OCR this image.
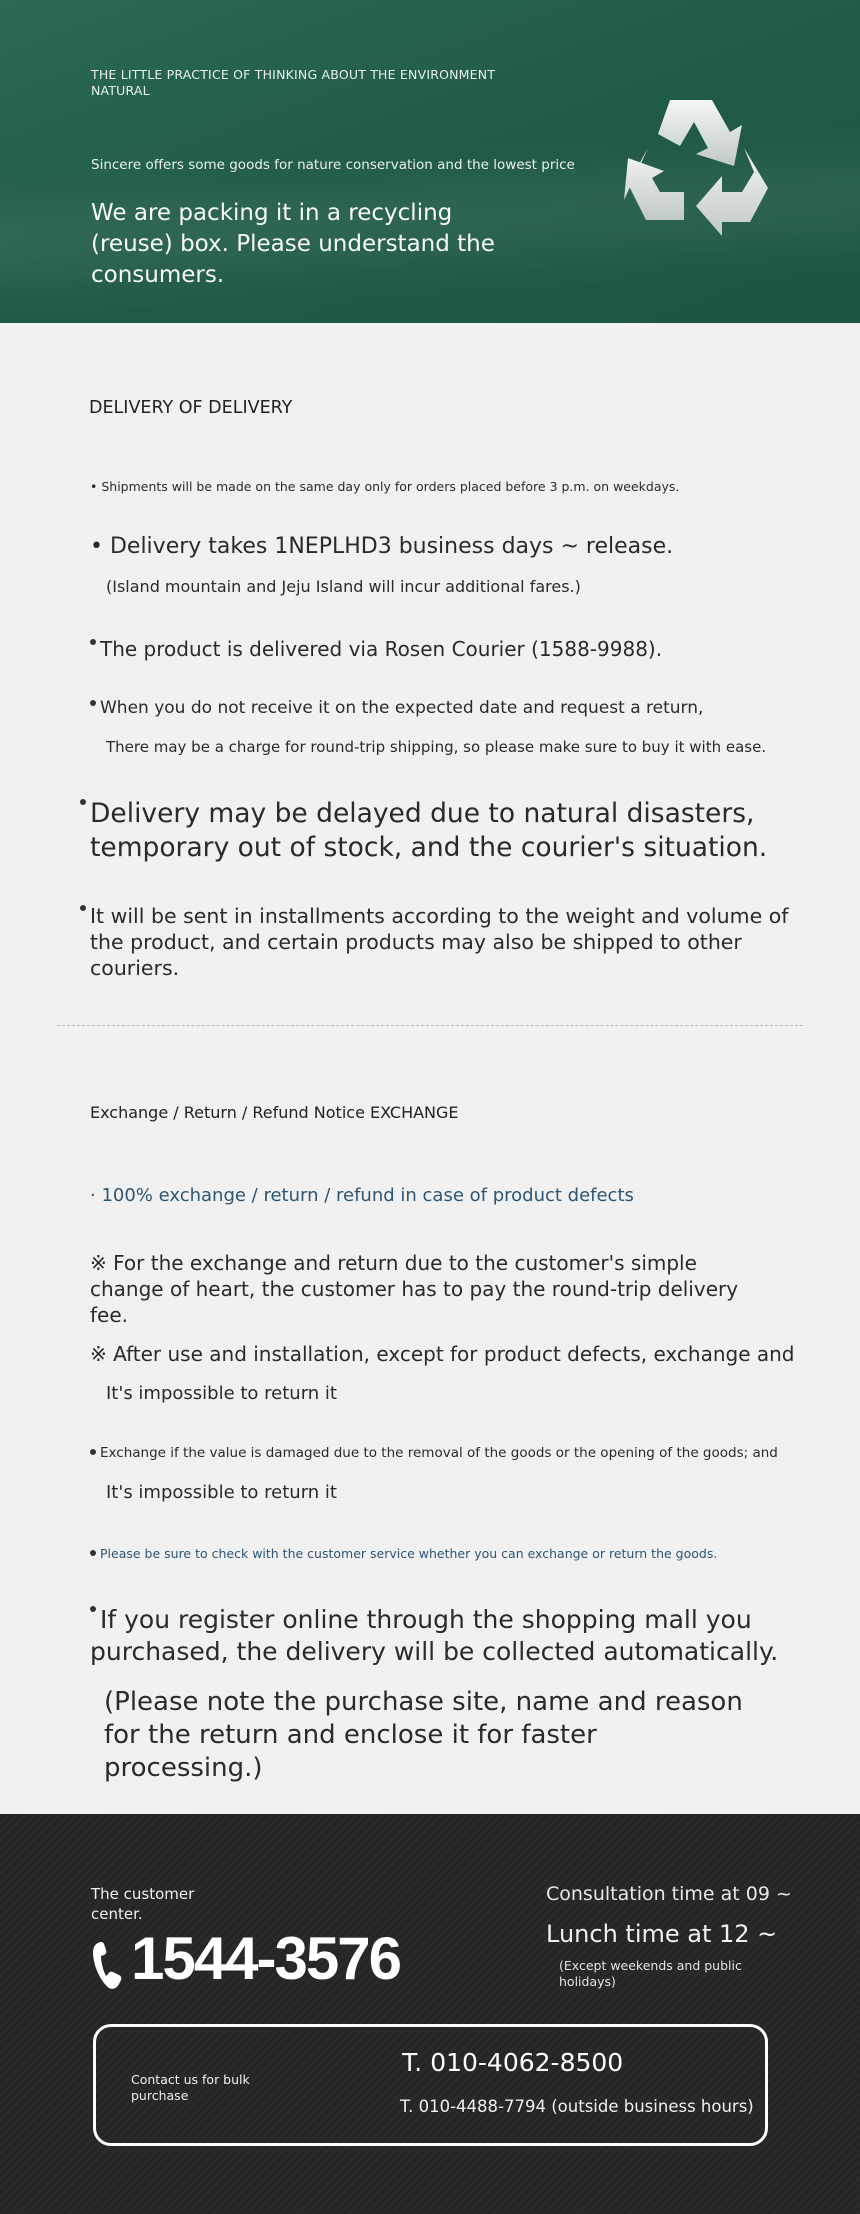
THE LITTLE PRACTICE OF THINKING ABOUT THE ENVIRONMENT NATURAL
Sincere offers some goods for nature conservation and the lowest price
We are packing it in a recycling (reuse) box. Please understand the consumers.
DELIVERY OF DELIVERY
• Shipments will be made on the same day only for orders placed before 3 p.m. on weekdays.
• Delivery takes 1NEPLHD3 business days ~ release.
(Island mountain and Jeju Island will incur additional fares.)
The product is delivered via Rosen Courier (1588-9988).
When you do not receive it on the expected date and request a return,
There may be a charge for round-trip shipping, so please make sure to buy it with ease.
Delivery may be delayed due to natural disasters, temporary out of stock, and the courier's situation.
It will be sent in installments according to the weight and volume of the product, and certain products may also be shipped to other couriers.
Exchange / Return / Refund Notice EXCHANGE
· 100% exchange / return / refund in case of product defects
※ For the exchange and return due to the customer's simple change of heart, the customer has to pay the round-trip delivery fee.
※ After use and installation, except for product defects, exchange and
It's impossible to return it
Exchange if the value is damaged due to the removal of the goods or the opening of the goods; and
It's impossible to return it
Please be sure to check with the customer service whether you can exchange or return the goods.
If you register online through the shopping mall you purchased, the delivery will be collected automatically.
(Please note the purchase site, name and reason for the return and enclose it for faster processing.)
The customer center.
1544-3576
Consultation time at 09 ~
Lunch time at 12 ~
(Except weekends and public holidays)
Contact us for bulk purchase
T. 010-4062-8500
T. 010-4488-7794 (outside business hours)
